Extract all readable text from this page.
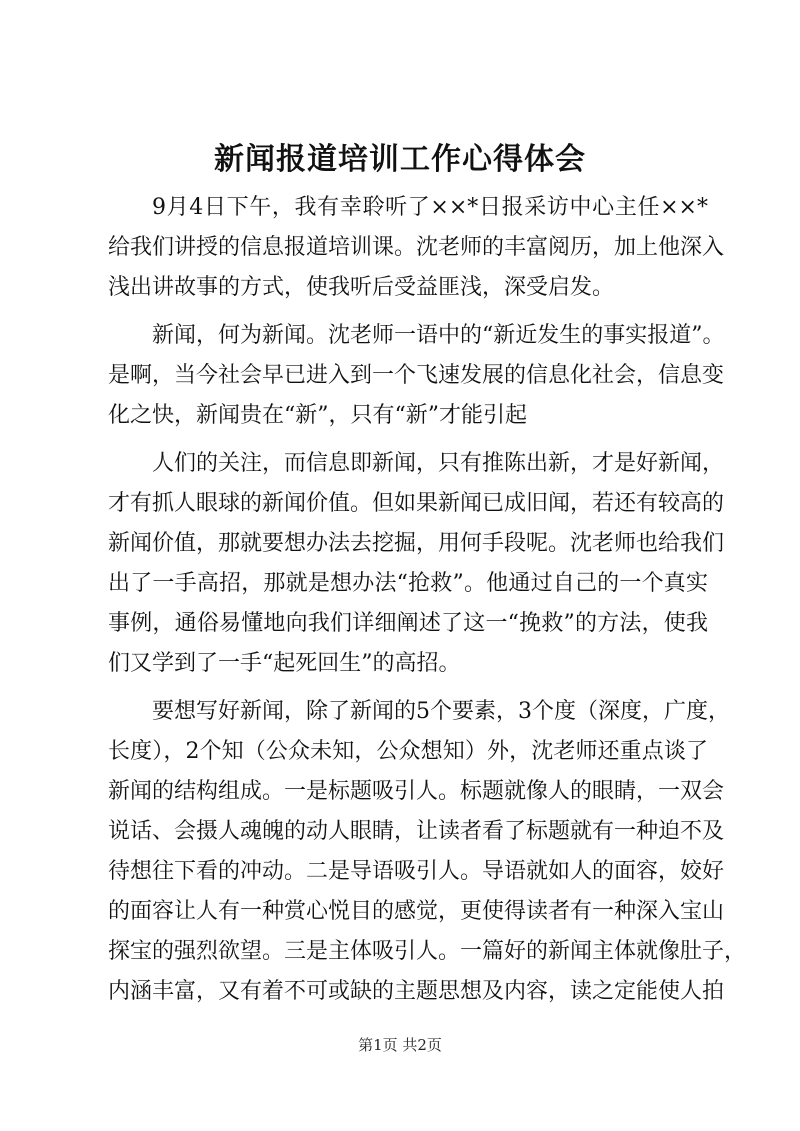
新闻报道培训工作心得体会
9月4日下午，我有幸聆听了××*日报采访中心主任××*
给我们讲授的信息报道培训课。沈老师的丰富阅历，加上他深入
浅出讲故事的方式，使我听后受益匪浅，深受启发。
新闻，何为新闻。沈老师一语中的“新近发生的事实报道”。
是啊，当今社会早已进入到一个飞速发展的信息化社会，信息变
化之快，新闻贵在“新”，只有“新”才能引起
人们的关注，而信息即新闻，只有推陈出新，才是好新闻，
才有抓人眼球的新闻价值。但如果新闻已成旧闻，若还有较高的
新闻价值，那就要想办法去挖掘，用何手段呢。沈老师也给我们
出了一手高招，那就是想办法“抢救”。他通过自己的一个真实
事例，通俗易懂地向我们详细阐述了这一“挽救”的方法，使我
们又学到了一手“起死回生”的高招。
要想写好新闻，除了新闻的5个要素，3个度（深度，广度，
长度），2个知（公众未知，公众想知）外，沈老师还重点谈了
新闻的结构组成。一是标题吸引人。标题就像人的眼睛，一双会
说话、会摄人魂魄的动人眼睛，让读者看了标题就有一种迫不及
待想往下看的冲动。二是导语吸引人。导语就如人的面容，姣好
的面容让人有一种赏心悦目的感觉，更使得读者有一种深入宝山
探宝的强烈欲望。三是主体吸引人。一篇好的新闻主体就像肚子，
内涵丰富，又有着不可或缺的主题思想及内容，读之定能使人拍
第1页 共2页
